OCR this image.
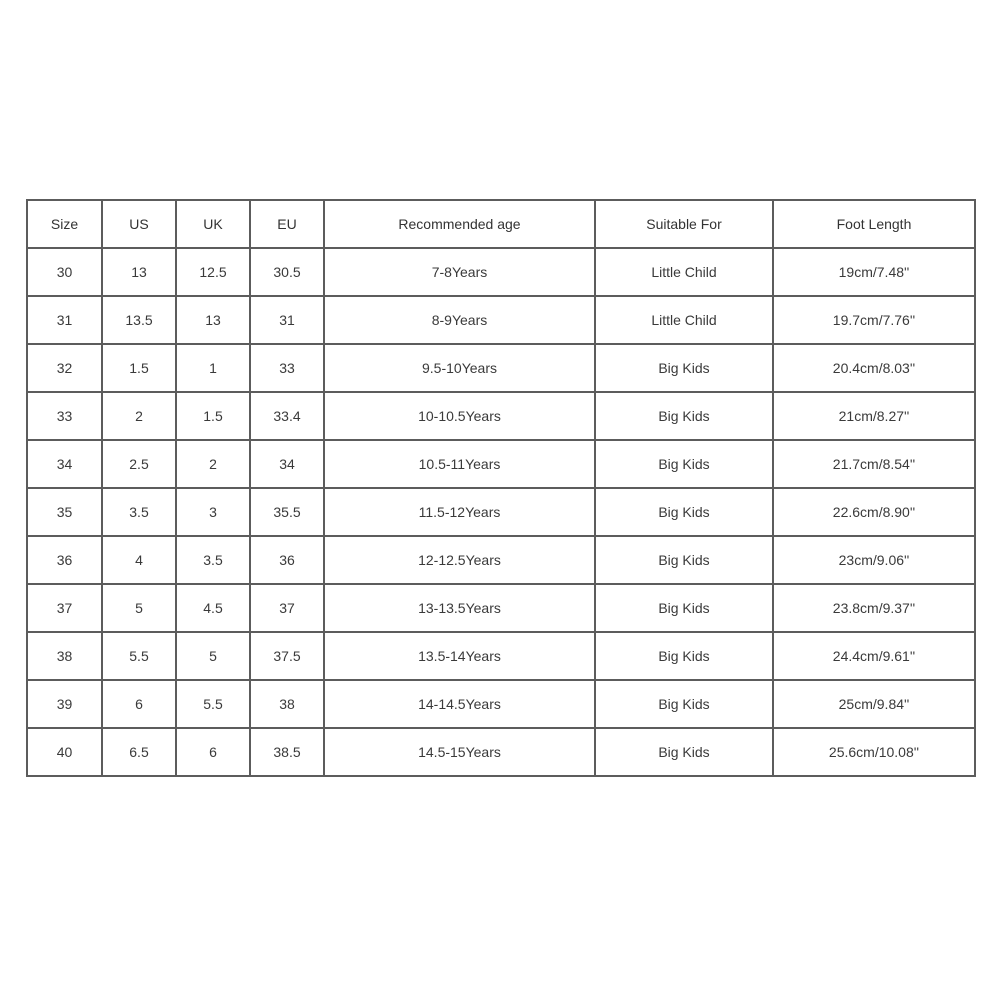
Size	US	UK	EU	Recommended age	Suitable For	Foot Length
30	13	12.5	30.5	7-8Years	Little Child	19cm/7.48''
31	13.5	13	31	8-9Years	Little Child	19.7cm/7.76''
32	1.5	1	33	9.5-10Years	Big Kids	20.4cm/8.03''
33	2	1.5	33.4	10-10.5Years	Big Kids	21cm/8.27''
34	2.5	2	34	10.5-11Years	Big Kids	21.7cm/8.54''
35	3.5	3	35.5	11.5-12Years	Big Kids	22.6cm/8.90''
36	4	3.5	36	12-12.5Years	Big Kids	23cm/9.06''
37	5	4.5	37	13-13.5Years	Big Kids	23.8cm/9.37''
38	5.5	5	37.5	13.5-14Years	Big Kids	24.4cm/9.61''
39	6	5.5	38	14-14.5Years	Big Kids	25cm/9.84''
40	6.5	6	38.5	14.5-15Years	Big Kids	25.6cm/10.08''
